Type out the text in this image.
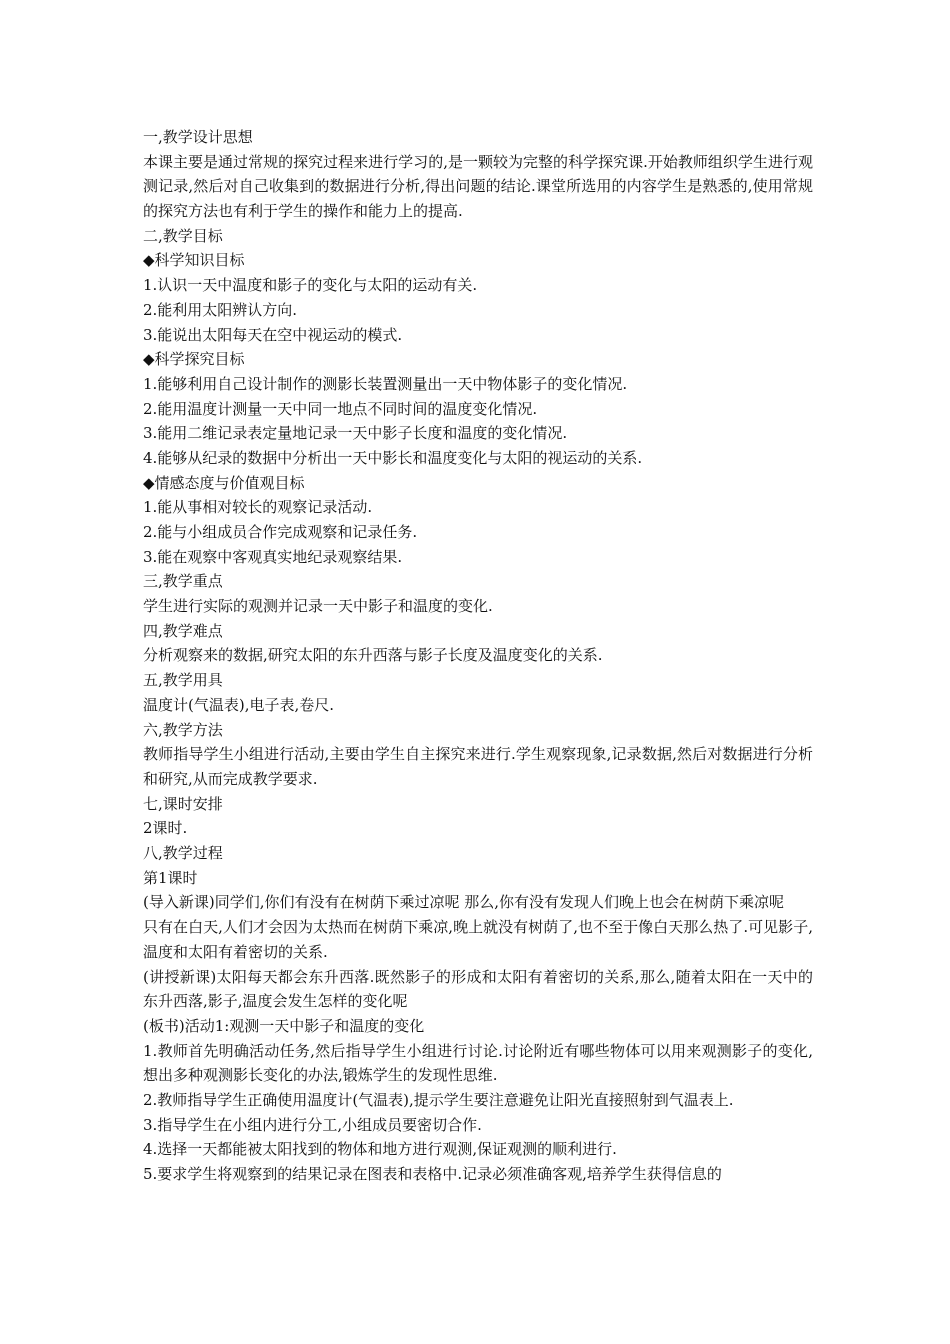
一,教学设计思想
本课主要是通过常规的探究过程来进行学习的,是一颗较为完整的科学探究课.开始教师组织学生进行观测记录,然后对自己收集到的数据进行分析,得出问题的结论.课堂所选用的内容学生是熟悉的,使用常规的探究方法也有利于学生的操作和能力上的提高.
二,教学目标
◆科学知识目标
1.认识一天中温度和影子的变化与太阳的运动有关.
2.能利用太阳辨认方向.
3.能说出太阳每天在空中视运动的模式.
◆科学探究目标
1.能够利用自己设计制作的测影长装置测量出一天中物体影子的变化情况.
2.能用温度计测量一天中同一地点不同时间的温度变化情况.
3.能用二维记录表定量地记录一天中影子长度和温度的变化情况.
4.能够从纪录的数据中分析出一天中影长和温度变化与太阳的视运动的关系.
◆情感态度与价值观目标
1.能从事相对较长的观察记录活动.
2.能与小组成员合作完成观察和记录任务.
3.能在观察中客观真实地纪录观察结果.
三,教学重点
学生进行实际的观测并记录一天中影子和温度的变化.
四,教学难点
分析观察来的数据,研究太阳的东升西落与影子长度及温度变化的关系.
五,教学用具
温度计(气温表),电子表,卷尺.
六,教学方法
教师指导学生小组进行活动,主要由学生自主探究来进行.学生观察现象,记录数据,然后对数据进行分析和研究,从而完成教学要求.
七,课时安排
2课时.
八,教学过程
第1课时
(导入新课)同学们,你们有没有在树荫下乘过凉呢 那么,你有没有发现人们晚上也会在树荫下乘凉呢
只有在白天,人们才会因为太热而在树荫下乘凉,晚上就没有树荫了,也不至于像白天那么热了.可见影子,温度和太阳有着密切的关系.
(讲授新课)太阳每天都会东升西落.既然影子的形成和太阳有着密切的关系,那么,随着太阳在一天中的东升西落,影子,温度会发生怎样的变化呢
(板书)活动1:观测一天中影子和温度的变化
1.教师首先明确活动任务,然后指导学生小组进行讨论.讨论附近有哪些物体可以用来观测影子的变化,想出多种观测影长变化的办法,锻炼学生的发现性思维.
2.教师指导学生正确使用温度计(气温表),提示学生要注意避免让阳光直接照射到气温表上.
3.指导学生在小组内进行分工,小组成员要密切合作.
4.选择一天都能被太阳找到的物体和地方进行观测,保证观测的顺利进行.
5.要求学生将观察到的结果记录在图表和表格中.记录必须准确客观,培养学生获得信息的
